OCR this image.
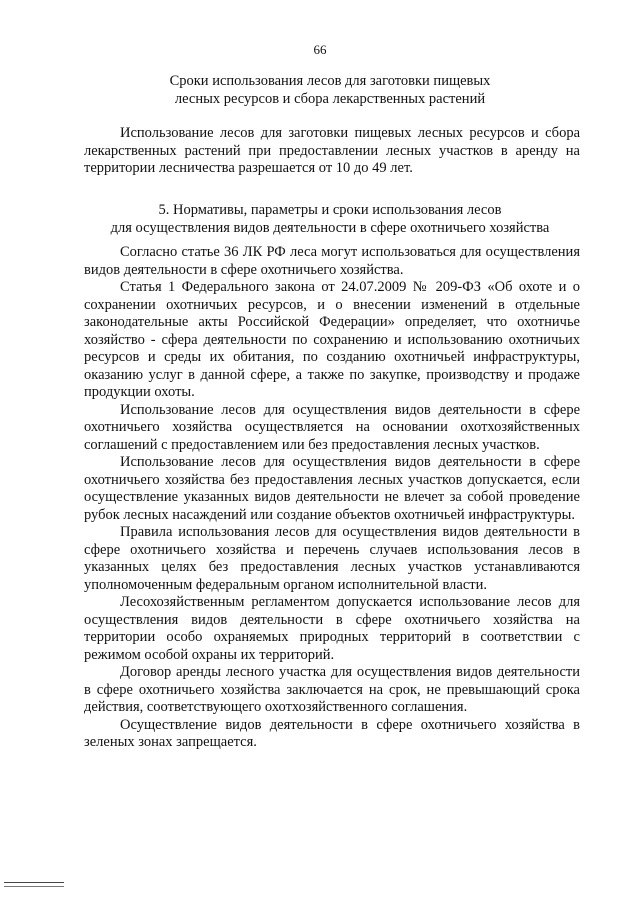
66
Сроки использования лесов для заготовки пищевых
лесных ресурсов и сбора лекарственных растений

Использование лесов для заготовки пищевых лесных ресурсов и сбора лекарственных растений при предоставлении лесных участков в аренду на территории лесничества разрешается от 10 до 49 лет.

5. Нормативы, параметры и сроки использования лесов
для осуществления видов деятельности в сфере охотничьего хозяйства

Согласно статье 36 ЛК РФ леса могут использоваться для осуществления видов деятельности в сфере охотничьего хозяйства.

Статья 1 Федерального закона от 24.07.2009 № 209-ФЗ «Об охоте и о сохранении охотничьих ресурсов, и о внесении изменений в отдельные законодательные акты Российской Федерации» определяет, что охотничье хозяйство - сфера деятельности по сохранению и использованию охотничьих ресурсов и среды их обитания, по созданию охотничьей инфраструктуры, оказанию услуг в данной сфере, а также по закупке, производству и продаже продукции охоты.

Использование лесов для осуществления видов деятельности в сфере охотничьего хозяйства осуществляется на основании охотхозяйственных соглашений с предоставлением или без предоставления лесных участков.

Использование лесов для осуществления видов деятельности в сфере охотничьего хозяйства без предоставления лесных участков допускается, если осуществление указанных видов деятельности не влечет за собой проведение рубок лесных насаждений или создание объектов охотничьей инфраструктуры.

Правила использования лесов для осуществления видов деятельности в сфере охотничьего хозяйства и перечень случаев использования лесов в указанных целях без предоставления лесных участков устанавливаются уполномоченным федеральным органом исполнительной власти.

Лесохозяйственным регламентом допускается использование лесов для осуществления видов деятельности в сфере охотничьего хозяйства на территории особо охраняемых природных территорий в соответствии с режимом особой охраны их территорий.

Договор аренды лесного участка для осуществления видов деятельности в сфере охотничьего хозяйства заключается на срок, не превышающий срока действия, соответствующего охотхозяйственного соглашения.

Осуществление видов деятельности в сфере охотничьего хозяйства в зеленых зонах запрещается.
